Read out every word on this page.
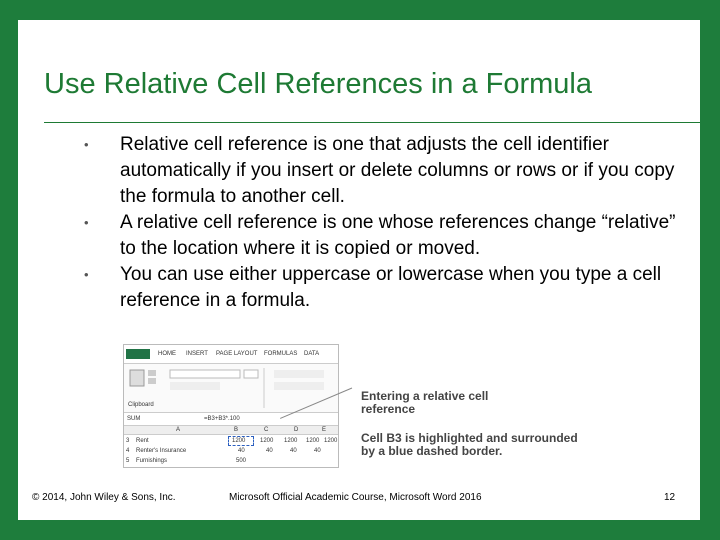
Use Relative Cell References in a Formula
• Relative cell reference is one that adjusts the cell identifier automatically if you insert or delete columns or rows or if you copy the formula to another cell.
• A relative cell reference is one whose references change “relative” to the location where it is copied or moved.
• You can use either uppercase or lowercase when you type a cell reference in a formula.
HOME INSERT PAGE LAYOUT FORMULAS DATA
Clipboard
SUM	=B3+B3*.100
A	B	C	D	E
3 Rent	1200 1200 1200 1200 1200
4 Renter's Insurance	40	40	40	40
5 Furnishings	500
Entering a relative cell reference
Cell B3 is highlighted and surrounded by a blue dashed border.
© 2014, John Wiley & Sons, Inc.	Microsoft Official Academic Course, Microsoft Word 2016	12
